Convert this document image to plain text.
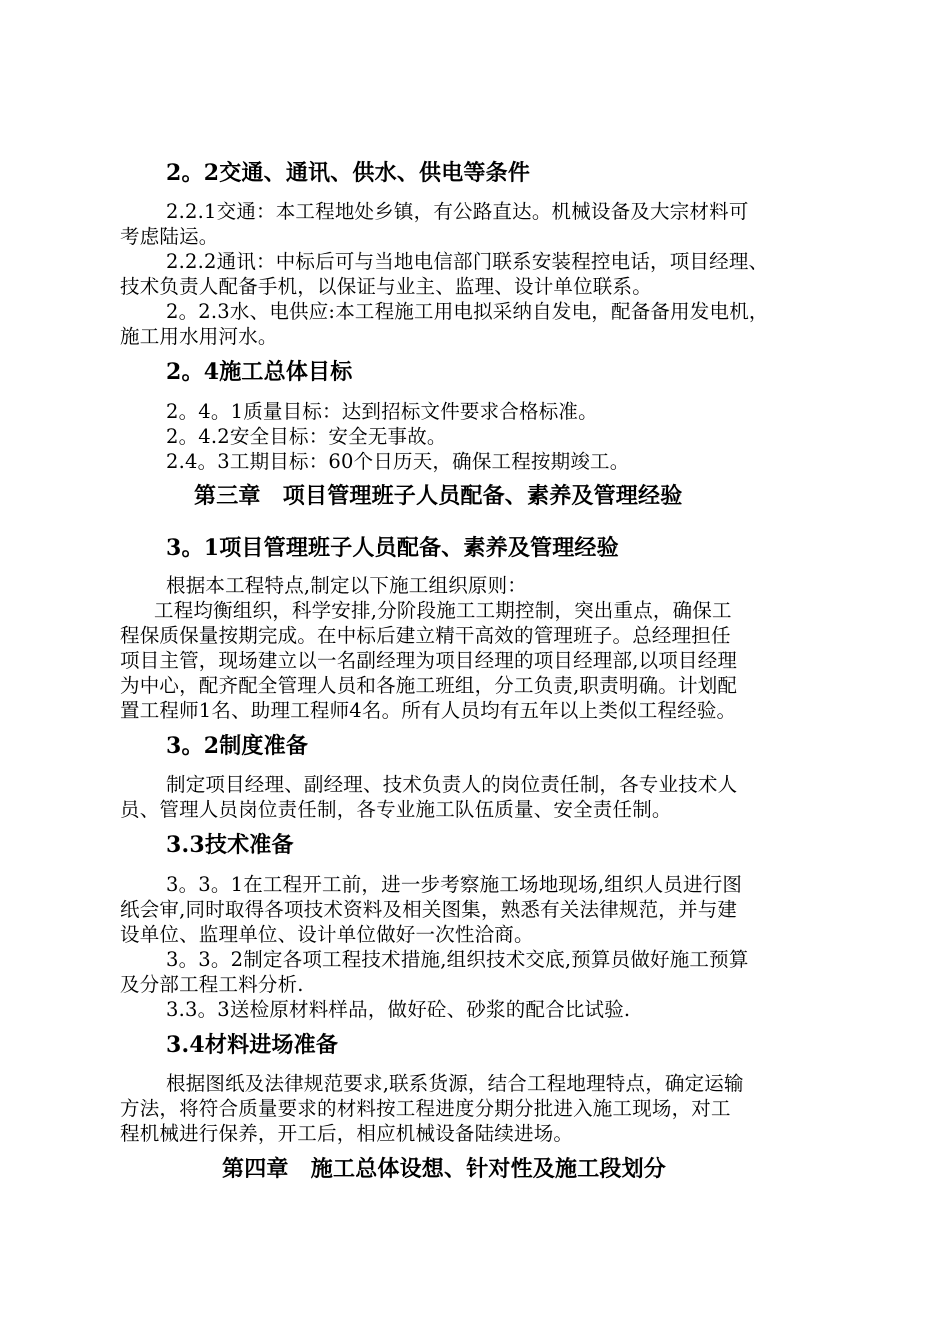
2。2交通、通讯、供水、供电等条件
2.2.1交通：本工程地处乡镇，有公路直达。机械设备及大宗材料可
考虑陆运。
2.2.2通讯：中标后可与当地电信部门联系安装程控电话，项目经理、
技术负责人配备手机，以保证与业主、监理、设计单位联系。
2。2.3水、电供应:本工程施工用电拟采纳自发电，配备备用发电机，
施工用水用河水。
2。4施工总体目标
2。4。1质量目标：达到招标文件要求合格标准。
2。4.2安全目标：安全无事故。
2.4。3工期目标：60个日历天，确保工程按期竣工。
第三章　项目管理班子人员配备、素养及管理经验
3。1项目管理班子人员配备、素养及管理经验
根据本工程特点,制定以下施工组织原则：
工程均衡组织，科学安排,分阶段施工工期控制，突出重点，确保工
程保质保量按期完成。在中标后建立精干高效的管理班子。总经理担任
项目主管，现场建立以一名副经理为项目经理的项目经理部,以项目经理
为中心，配齐配全管理人员和各施工班组，分工负责,职责明确。计划配
置工程师1名、助理工程师4名。所有人员均有五年以上类似工程经验。
3。2制度准备
制定项目经理、副经理、技术负责人的岗位责任制，各专业技术人
员、管理人员岗位责任制，各专业施工队伍质量、安全责任制。
3.3技术准备
3。3。1在工程开工前，进一步考察施工场地现场,组织人员进行图
纸会审,同时取得各项技术资料及相关图集，熟悉有关法律规范，并与建
设单位、监理单位、设计单位做好一次性洽商。
3。3。2制定各项工程技术措施,组织技术交底,预算员做好施工预算
及分部工程工料分析.
3.3。3送检原材料样品，做好砼、砂浆的配合比试验.
3.4材料进场准备
根据图纸及法律规范要求,联系货源，结合工程地理特点，确定运输
方法，将符合质量要求的材料按工程进度分期分批进入施工现场，对工
程机械进行保养，开工后，相应机械设备陆续进场。
第四章　施工总体设想、针对性及施工段划分
